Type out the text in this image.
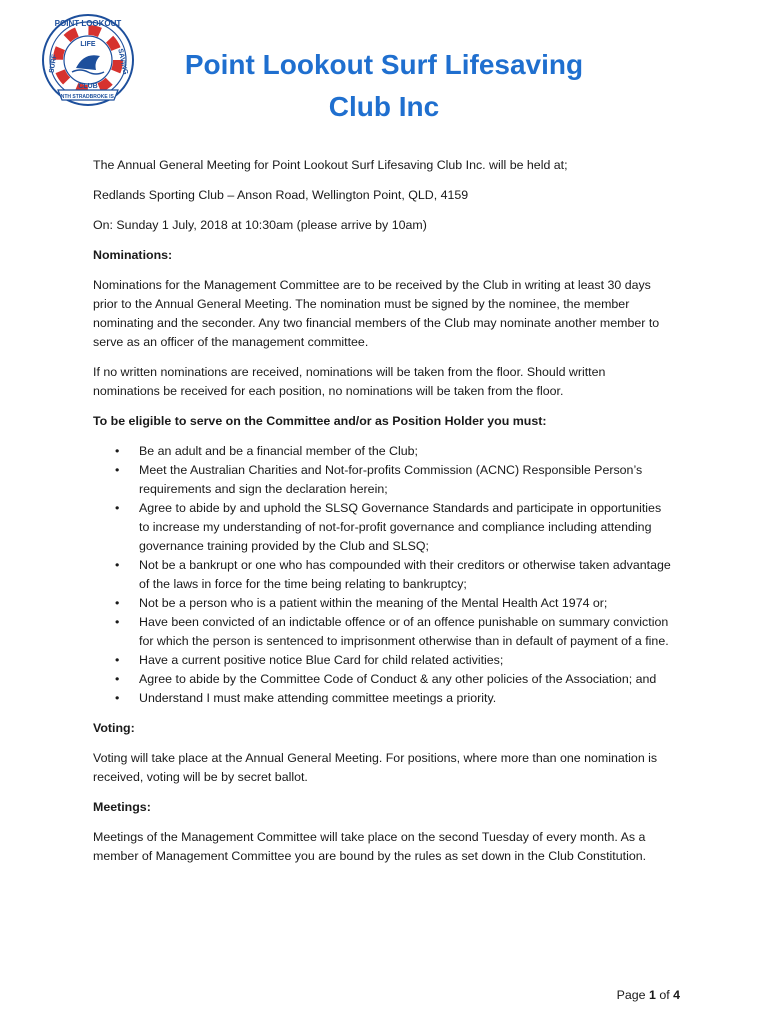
POINT LOOKOUT
LIFE
SURF	SAVING
CLUB
NTH STRADBROKE IS.
Point Lookout Surf Lifesaving
Club Inc

The Annual General Meeting for Point Lookout Surf Lifesaving Club Inc. will be held at;

Redlands Sporting Club – Anson Road, Wellington Point, QLD, 4159

On: Sunday 1 July, 2018 at 10:30am (please arrive by 10am)

Nominations:

Nominations for the Management Committee are to be received by the Club in writing at least 30 days prior to the Annual General Meeting. The nomination must be signed by the nominee, the member nominating and the seconder. Any two financial members of the Club may nominate another member to serve as an officer of the management committee.

If no written nominations are received, nominations will be taken from the floor. Should written nominations be received for each position, no nominations will be taken from the floor.

To be eligible to serve on the Committee and/or as Position Holder you must:
• Be an adult and be a financial member of the Club;
• Meet the Australian Charities and Not-for-profits Commission (ACNC) Responsible Person’s requirements and sign the declaration herein;
• Agree to abide by and uphold the SLSQ Governance Standards and participate in opportunities to increase my understanding of not-for-profit governance and compliance including attending governance training provided by the Club and SLSQ;
• Not be a bankrupt or one who has compounded with their creditors or otherwise taken advantage of the laws in force for the time being relating to bankruptcy;
• Not be a person who is a patient within the meaning of the Mental Health Act 1974 or;
• Have been convicted of an indictable offence or of an offence punishable on summary conviction for which the person is sentenced to imprisonment otherwise than in default of payment of a fine.
• Have a current positive notice Blue Card for child related activities;
• Agree to abide by the Committee Code of Conduct & any other policies of the Association; and
• Understand I must make attending committee meetings a priority.
Voting:

Voting will take place at the Annual General Meeting. For positions, where more than one nomination is received, voting will be by secret ballot.

Meetings:

Meetings of the Management Committee will take place on the second Tuesday of every month. As a member of Management Committee you are bound by the rules as set down in the Club Constitution.

Page 1 of 4
